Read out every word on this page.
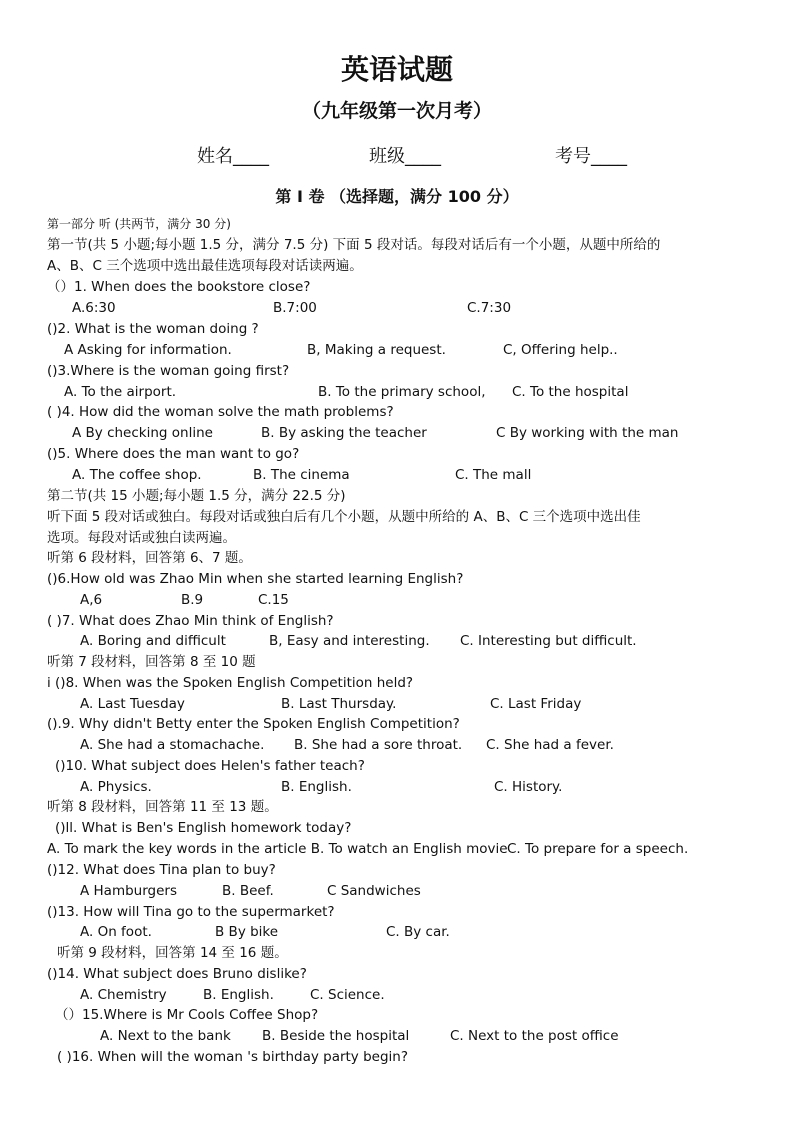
英语试题
（九年级第一次月考）
姓名____	班级____	考号____
第 I 卷 （选择题，满分 100 分）
第一部分 听 (共两节，满分 30 分)
第一节(共 5 小题;每小题 1.5 分，满分 7.5 分) 下面 5 段对话。每段对话后有一个小题，从题中所给的
A、B、C 三个选项中选出最佳选项每段对话读两遍。
（）1. When does the bookstore close?
A.6:30	B.7:00	C.7:30
()2. What is the woman doing ?
A Asking for information.	B, Making a request.	C, Offering help..
()3.Where is the woman going first?
A. To the airport.	B. To the primary school, C. To the hospital
( )4. How did the woman solve the math problems?
A By checking online	B. By asking the teacher	C By working with the man
()5. Where does the man want to go?
A. The coffee shop.	B. The cinema	C. The mall
第二节(共 15 小题;每小题 1.5 分，满分 22.5 分)
听下面 5 段对话或独白。每段对话或独白后有几个小题，从题中所给的 A、B、C 三个选项中选出佳
选项。每段对话或独白读两遍。
听第 6 段材料，回答第 6、7 题。
()6.How old was Zhao Min when she started learning English?
A,6	B.9	C.15
( )7. What does Zhao Min think of English?
A. Boring and difficult	B, Easy and interesting. C. Interesting but difficult.
听第 7 段材料，回答第 8 至 10 题
i ()8. When was the Spoken English Competition held?
A. Last Tuesday	B. Last Thursday.	C. Last Friday
().9. Why didn't Betty enter the Spoken English Competition?
A. She had a stomachache. B. She had a sore throat. C. She had a fever.
()10. What subject does Helen's father teach?
A. Physics.	B. English.	C. History.
听第 8 段材料，回答第 11 至 13 题。
()ll. What is Ben's English homework today?
A. To mark the key words in the article B. To watch an English movie C. To prepare for a speech.
()12. What does Tina plan to buy?
A Hamburgers	B. Beef.	C Sandwiches
()13. How will Tina go to the supermarket?
A. On foot.	B By bike	C. By car.
听第 9 段材料，回答第 14 至 16 题。
()14. What subject does Bruno dislike?
A. Chemistry	B. English.	C. Science.
（）15.Where is Mr Cools Coffee Shop?
A. Next to the bank B. Beside the hospital	C. Next to the post office
( )16. When will the woman 's birthday party begin?
